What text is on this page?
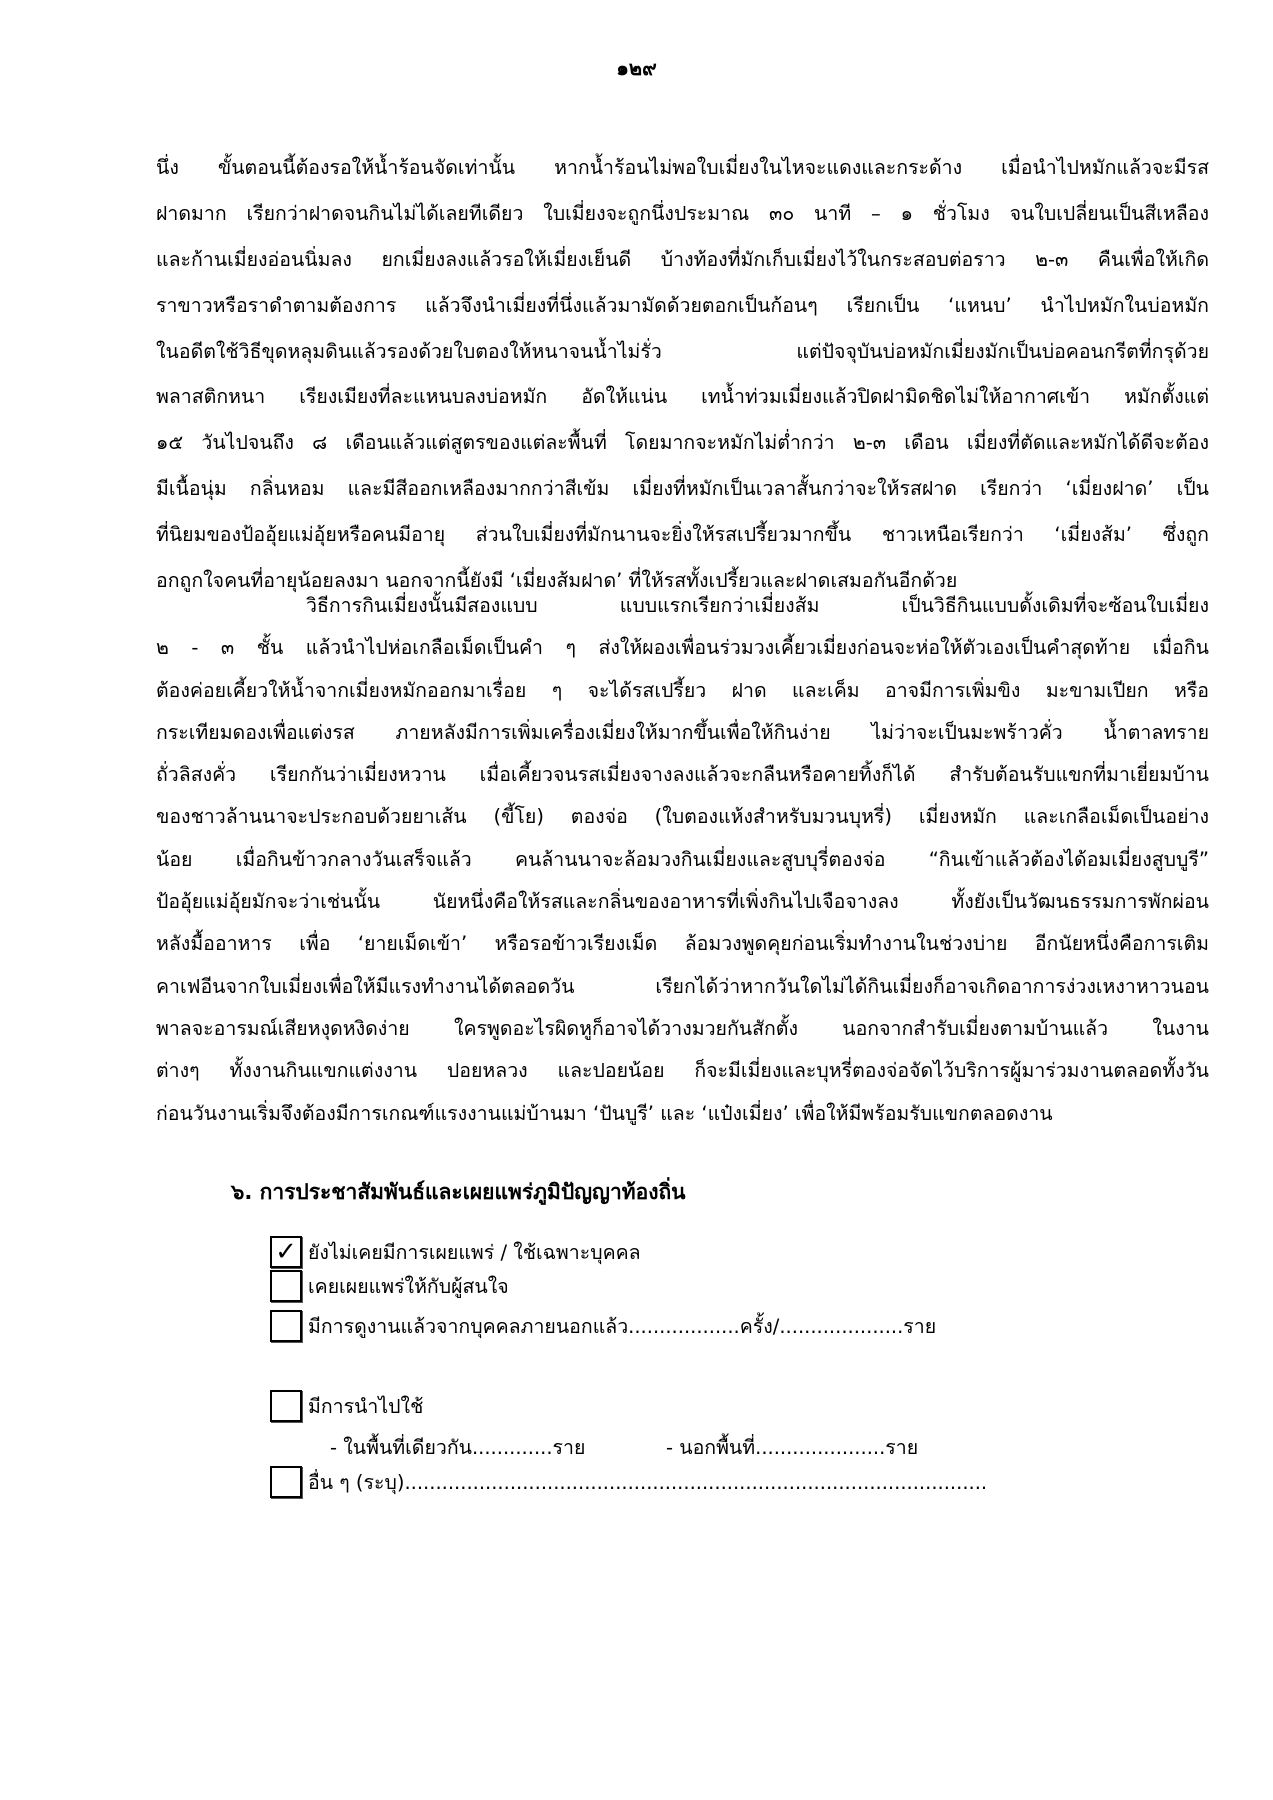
๑๒๙
นึ่ง ขั้นตอนนี้ต้องรอให้น้ำร้อนจัดเท่านั้น หากน้ำร้อนไม่พอใบเมี่ยงในไหจะแดงและกระด้าง เมื่อนำไปหมักแล้วจะมีรส
ฝาดมาก เรียกว่าฝาดจนกินไม่ได้เลยทีเดียว ใบเมี่ยงจะถูกนึ่งประมาณ ๓๐ นาที – ๑ ชั่วโมง จนใบเปลี่ยนเป็นสีเหลือง
และก้านเมี่ยงอ่อนนิ่มลง ยกเมี่ยงลงแล้วรอให้เมี่ยงเย็นดี บ้างท้องที่มักเก็บเมี่ยงไว้ในกระสอบต่อราว ๒-๓ คืนเพื่อให้เกิด
ราขาวหรือราดำตามต้องการ แล้วจึงนำเมี่ยงที่นึ่งแล้วมามัดด้วยตอกเป็นก้อนๆ เรียกเป็น ‘แหนบ’ นำไปหมักในบ่อหมัก
ในอดีตใช้วิธีขุดหลุมดินแล้วรองด้วยใบตองให้หนาจนน้ำไม่รั่ว แต่ปัจจุบันบ่อหมักเมี่ยงมักเป็นบ่อคอนกรีตที่กรุด้วย
พลาสติกหนา เรียงเมียงที่ละแหนบลงบ่อหมัก อัดให้แน่น เทน้ำท่วมเมี่ยงแล้วปิดฝามิดชิดไม่ให้อากาศเข้า หมักตั้งแต่
๑๕ วันไปจนถึง ๘ เดือนแล้วแต่สูตรของแต่ละพื้นที่ โดยมากจะหมักไม่ต่ำกว่า ๒-๓ เดือน เมี่ยงที่ตัดและหมักได้ดีจะต้อง
มีเนื้อนุ่ม กลิ่นหอม และมีสีออกเหลืองมากกว่าสีเข้ม เมี่ยงที่หมักเป็นเวลาสั้นกว่าจะให้รสฝาด เรียกว่า ‘เมี่ยงฝาด’ เป็น
ที่นิยมของป้ออุ้ยแม่อุ้ยหรือคนมีอายุ ส่วนใบเมี่ยงที่มักนานจะยิ่งให้รสเปรี้ยวมากขึ้น ชาวเหนือเรียกว่า ‘เมี่ยงส้ม’ ซึ่งถูก
อกถูกใจคนที่อายุน้อยลงมา นอกจากนี้ยังมี ‘เมี่ยงส้มฝาด’ ที่ให้รสทั้งเปรี้ยวและฝาดเสมอกันอีกด้วย
วิธีการกินเมี่ยงนั้นมีสองแบบ แบบแรกเรียกว่าเมี่ยงส้ม เป็นวิธีกินแบบดั้งเดิมที่จะซ้อนใบเมี่ยง
๒ - ๓ ชั้น แล้วนำไปห่อเกลือเม็ดเป็นคำ ๆ ส่งให้ผองเพื่อนร่วมวงเคี้ยวเมี่ยงก่อนจะห่อให้ตัวเองเป็นคำสุดท้าย เมื่อกิน
ต้องค่อยเคี้ยวให้น้ำจากเมี่ยงหมักออกมาเรื่อย ๆ จะได้รสเปรี้ยว ฝาด และเค็ม อาจมีการเพิ่มขิง มะขามเปียก หรือ
กระเทียมดองเพื่อแต่งรส ภายหลังมีการเพิ่มเครื่องเมี่ยงให้มากขึ้นเพื่อให้กินง่าย ไม่ว่าจะเป็นมะพร้าวคั่ว น้ำตาลทราย
ถั่วลิสงคั่ว เรียกกันว่าเมี่ยงหวาน เมื่อเคี้ยวจนรสเมี่ยงจางลงแล้วจะกลืนหรือคายทิ้งก็ได้ สำรับต้อนรับแขกที่มาเยี่ยมบ้าน
ของชาวล้านนาจะประกอบด้วยยาเส้น (ขี้โย) ตองจ่อ (ใบตองแห้งสำหรับมวนบุหรี่) เมี่ยงหมัก และเกลือเม็ดเป็นอย่าง
น้อย เมื่อกินข้าวกลางวันเสร็จแล้ว คนล้านนาจะล้อมวงกินเมี่ยงและสูบบุรี่ตองจ่อ “กินเข้าแล้วต้องได้อมเมี่ยงสูบบูรี”
ป้ออุ้ยแม่อุ้ยมักจะว่าเช่นนั้น นัยหนึ่งคือให้รสและกลิ่นของอาหารที่เพิ่งกินไปเจือจางลง ทั้งยังเป็นวัฒนธรรมการพักผ่อน
หลังมื้ออาหาร เพื่อ ‘ยายเม็ดเข้า’ หรือรอข้าวเรียงเม็ด ล้อมวงพูดคุยก่อนเริ่มทำงานในช่วงบ่าย อีกนัยหนึ่งคือการเติม
คาเฟอีนจากใบเมี่ยงเพื่อให้มีแรงทำงานได้ตลอดวัน เรียกได้ว่าหากวันใดไม่ได้กินเมี่ยงก็อาจเกิดอาการง่วงเหงาหาวนอน
พาลจะอารมณ์เสียหงุดหงิดง่าย ใครพูดอะไรผิดหูก็อาจได้วางมวยกันสักตั้ง นอกจากสำรับเมี่ยงตามบ้านแล้ว ในงาน
ต่างๆ ทั้งงานกินแขกแต่งงาน ปอยหลวง และปอยน้อย ก็จะมีเมี่ยงและบุหรี่ตองจ่อจัดไว้บริการผู้มาร่วมงานตลอดทั้งวัน
ก่อนวันงานเริ่มจึงต้องมีการเกณฑ์แรงงานแม่บ้านมา ‘ปันบูรี’ และ ‘แป๋งเมี่ยง’ เพื่อให้มีพร้อมรับแขกตลอดงาน
๖. การประชาสัมพันธ์และเผยแพร่ภูมิปัญญาท้องถิ่น
✓ ยังไม่เคยมีการเผยแพร่ / ใช้เฉพาะบุคคล
เคยเผยแพร่ให้กับผู้สนใจ
มีการดูงานแล้วจากบุคคลภายนอกแล้ว..................ครั้ง/....................ราย
มีการนำไปใช้
- ในพื้นที่เดียวกัน.............ราย	- นอกพื้นที่.....................ราย
อื่น ๆ (ระบุ)..............................................................................................
